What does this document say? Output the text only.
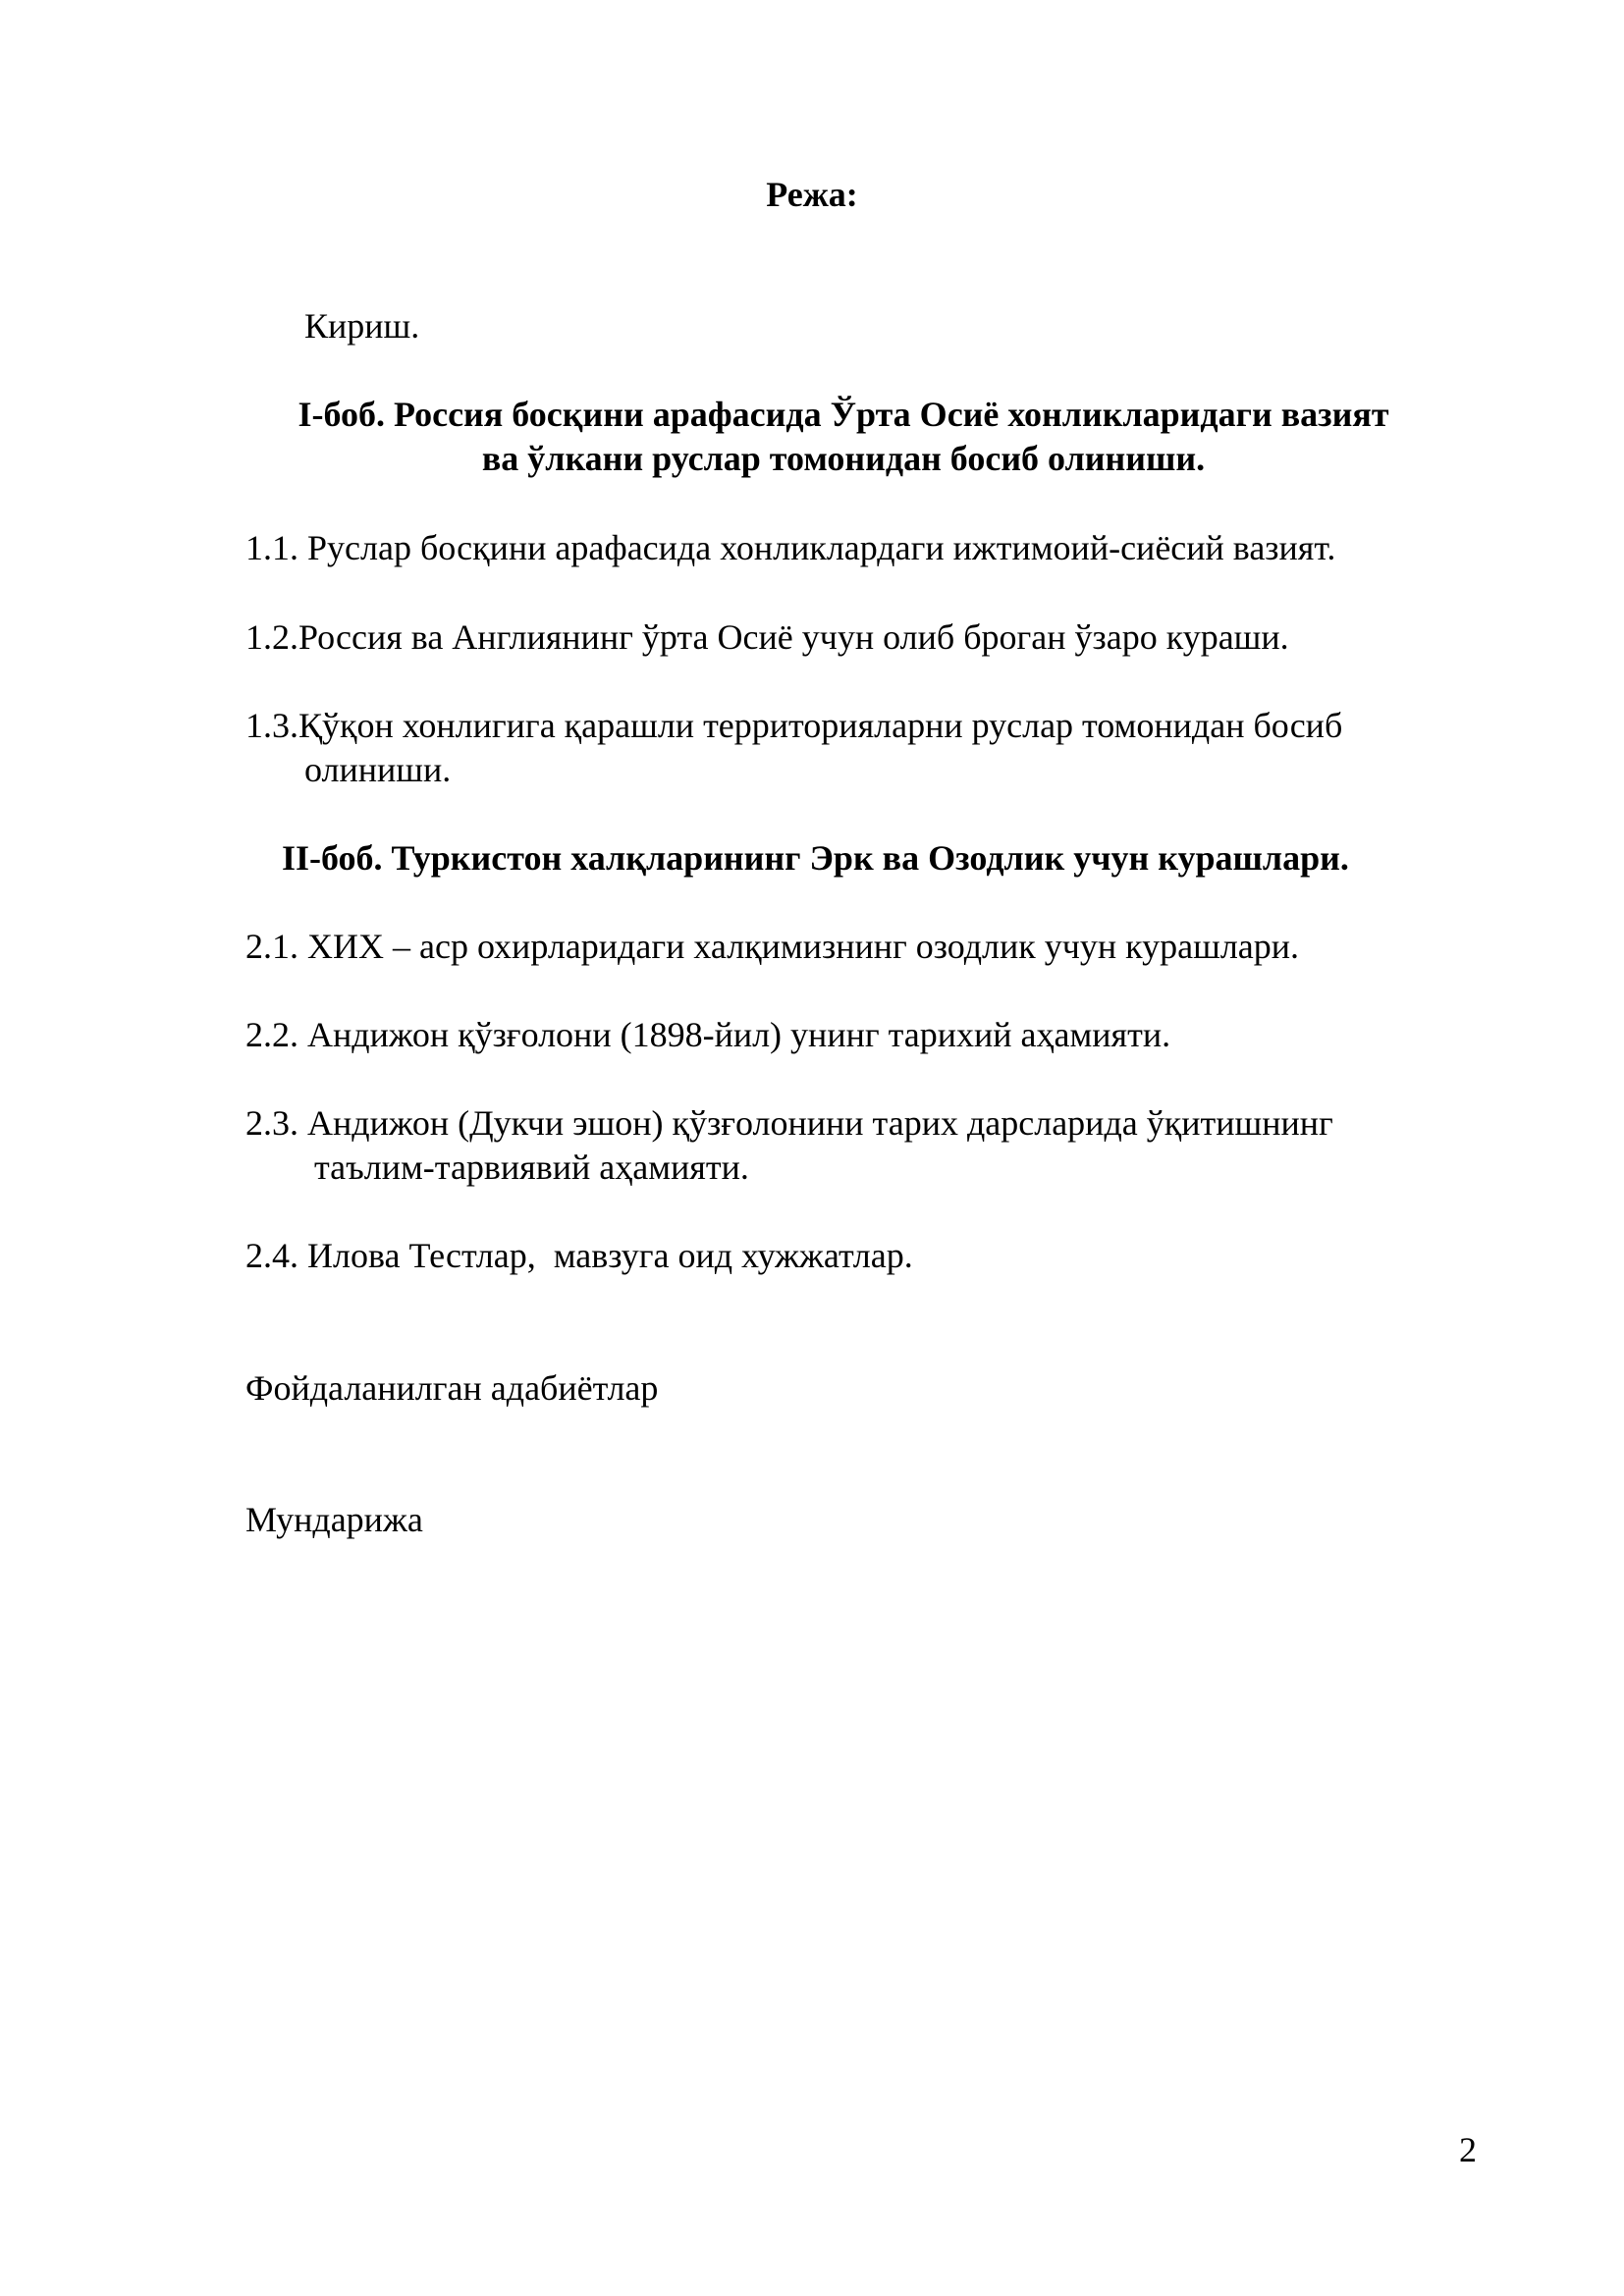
Режа:
Кириш.
I-боб. Россия босқини арафасида Ўрта Осиё хонликларидаги вазият
ва ўлкани руслар томонидан босиб олиниши.
1.1. Руслар босқини арафасида хонликлардаги ижтимоий-сиёсий вазият.
1.2.Россия ва Англиянинг ўрта Осиё учун олиб броган ўзаро кураши.
1.3.Қўқон хонлигига қарашли территорияларни руслар томонидан босиб
олиниши.
II-боб. Туркистон халқларининг Эрк ва Озодлик учун курашлари.
2.1. ХИХ – аср охирларидаги халқимизнинг озодлик учун курашлари.
2.2. Андижон қўзғолони (1898-йил) унинг тарихий аҳамияти.
2.3. Андижон (Дукчи эшон) қўзғолонини тарих дарсларида ўқитишнинг
таълим-тарвиявий аҳамияти.
2.4. Илова Тестлар,  мавзуга оид хужжатлар.
Фойдаланилган адабиётлар
Мундарижа
2
